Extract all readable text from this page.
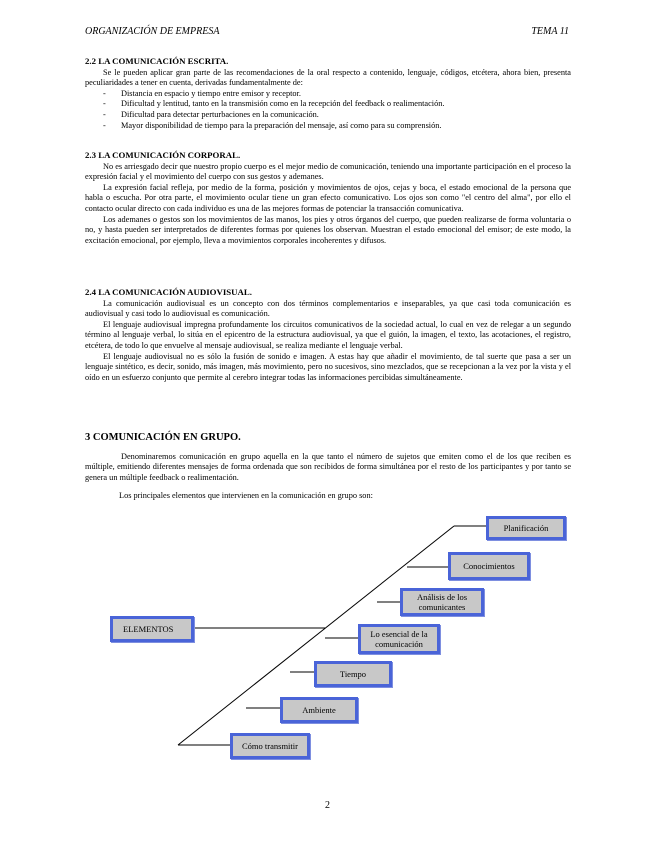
ORGANIZACIÓN DE EMPRESA	TEMA 11
2.2 LA COMUNICACIÓN ESCRITA.

Se le pueden aplicar gran parte de las recomendaciones de la oral respecto a contenido, lenguaje, códigos, etcétera, ahora bien, presenta peculiaridades a tener en cuenta, derivadas fundamentalmente de:

- Distancia en espacio y tiempo entre emisor y receptor.
- Dificultad y lentitud, tanto en la transmisión como en la recepción del feedback o realimentación.
- Dificultad para detectar perturbaciones en la comunicación.
- Mayor disponibilidad de tiempo para la preparación del mensaje, así como para su comprensión.
2.3 LA COMUNICACIÓN CORPORAL.

No es arriesgado decir que nuestro propio cuerpo es el mejor medio de comunicación, teniendo una importante participación en el proceso la expresión facial y el movimiento del cuerpo con sus gestos y ademanes.

La expresión facial refleja, por medio de la forma, posición y movimientos de ojos, cejas y boca, el estado emocional de la persona que habla o escucha. Por otra parte, el movimiento ocular tiene un gran efecto comunicativo. Los ojos son como "el centro del alma", por ello el contacto ocular directo con cada individuo es una de las mejores formas de potenciar la transacción comunicativa.

Los ademanes o gestos son los movimientos de las manos, los pies y otros órganos del cuerpo, que pueden realizarse de forma voluntaria o no, y hasta pueden ser interpretados de diferentes formas por quienes los observan. Muestran el estado emocional del emisor; de este modo, la excitación emocional, por ejemplo, lleva a movimientos corporales incoherentes y difusos.

2.4 LA COMUNICACIÓN AUDIOVISUAL.

La comunicación audiovisual es un concepto con dos términos complementarios e inseparables, ya que casi toda comunicación es audiovisual y casi todo lo audiovisual es comunicación.

El lenguaje audiovisual impregna profundamente los circuitos comunicativos de la sociedad actual, lo cual en vez de relegar a un segundo término al lenguaje verbal, lo sitúa en el epicentro de la estructura audiovisual, ya que el guión, la imagen, el texto, las acotaciones, el registro, etcétera, de todo lo que envuelve al mensaje audiovisual, se realiza mediante el lenguaje verbal.

El lenguaje audiovisual no es sólo la fusión de sonido e imagen. A estas hay que añadir el movimiento, de tal suerte que pasa a ser un lenguaje sintético, es decir, sonido, más imagen, más movimiento, pero no sucesivos, sino mezclados, que se recepcionan a la vez por la vista y el oído en un esfuerzo conjunto que permite al cerebro integrar todas las informaciones percibidas simultáneamente.

3 COMUNICACIÓN EN GRUPO.

Denominaremos comunicación en grupo aquella en la que tanto el número de sujetos que emiten como el de los que reciben es múltiple, emitiendo diferentes mensajes de forma ordenada que son recibidos de forma simultánea por el resto de los participantes y por tanto se genera un múltiple feedback o realimentación.

Los principales elementos que intervienen en la comunicación en grupo son:

ELEMENTOS
Planificación
Conocimientos
Análisis de los comunicantes
Lo esencial de la comunicación
Tiempo
Ambiente
Cómo transmitir
2
